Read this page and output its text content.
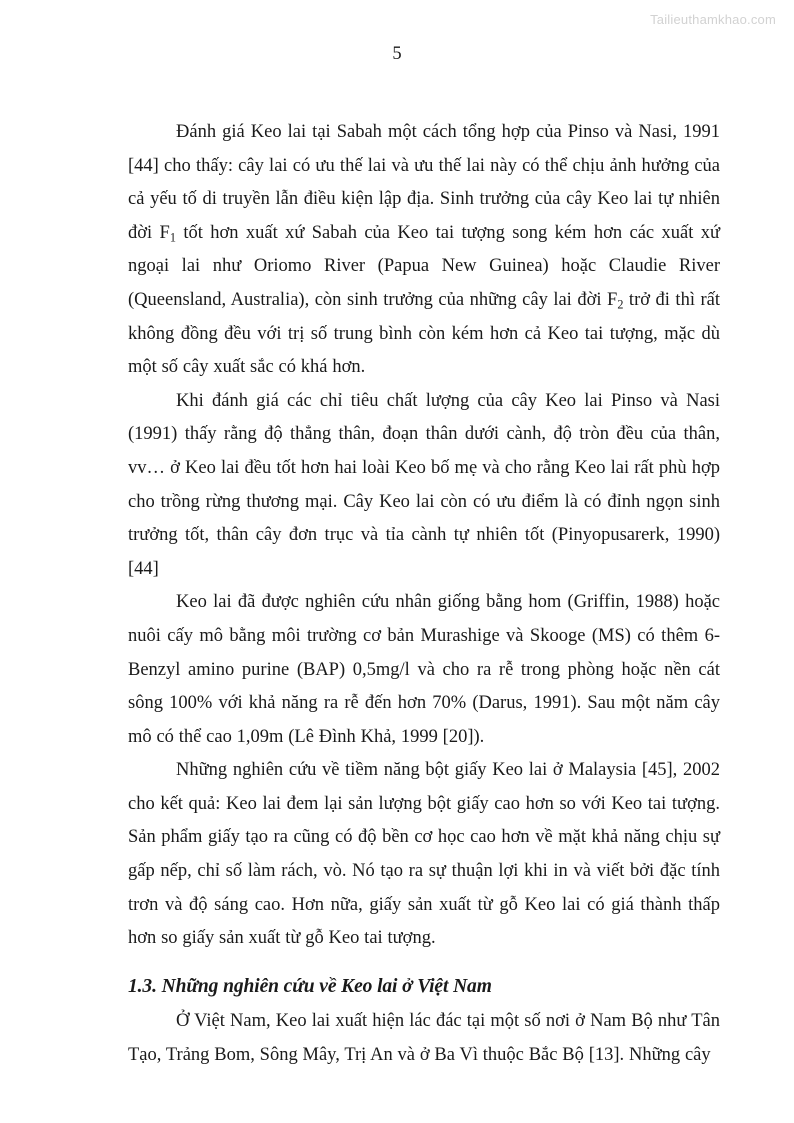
Tailieuthamkhao.com
5

Đánh giá Keo lai tại Sabah một cách tổng hợp của Pinso và Nasi, 1991 [44] cho thấy: cây lai có ưu thế lai và ưu thế lai này có thể chịu ảnh hưởng của cả yếu tố di truyền lẫn điều kiện lập địa. Sinh trưởng của cây Keo lai tự nhiên đời $F_1$ tốt hơn xuất xứ Sabah của Keo tai tượng song kém hơn các xuất xứ ngoại lai như Oriomo River (Papua New Guinea) hoặc Claudie River (Queensland, Australia), còn sinh trưởng của những cây lai đời $F_2$ trở đi thì rất không đồng đều với trị số trung bình còn kém hơn cả Keo tai tượng, mặc dù một số cây xuất sắc có khá hơn.

Khi đánh giá các chỉ tiêu chất lượng của cây Keo lai Pinso và Nasi (1991) thấy rằng độ thẳng thân, đoạn thân dưới cành, độ tròn đều của thân, vv… ở Keo lai đều tốt hơn hai loài Keo bố mẹ và cho rằng Keo lai rất phù hợp cho trồng rừng thương mại. Cây Keo lai còn có ưu điểm là có đỉnh ngọn sinh trưởng tốt, thân cây đơn trục và tỉa cành tự nhiên tốt (Pinyopusarerk, 1990) [44]

Keo lai đã được nghiên cứu nhân giống bằng hom (Griffin, 1988) hoặc nuôi cấy mô bằng môi trường cơ bản Murashige và Skooge (MS) có thêm 6-Benzyl amino purine (BAP) 0,5mg/l và cho ra rễ trong phòng hoặc nền cát sông 100% với khả năng ra rễ đến hơn 70% (Darus, 1991). Sau một năm cây mô có thể cao 1,09m (Lê Đình Khả, 1999 [20]).

Những nghiên cứu về tiềm năng bột giấy Keo lai ở Malaysia [45], 2002 cho kết quả: Keo lai đem lại sản lượng bột giấy cao hơn so với Keo tai tượng. Sản phẩm giấy tạo ra cũng có độ bền cơ học cao hơn về mặt khả năng chịu sự gấp nếp, chỉ số làm rách, vò. Nó tạo ra sự thuận lợi khi in và viết bởi đặc tính trơn và độ sáng cao. Hơn nữa, giấy sản xuất từ gỗ Keo lai có giá thành thấp hơn so giấy sản xuất từ gỗ Keo tai tượng.

1.3. Những nghiên cứu về Keo lai ở Việt Nam

Ở Việt Nam, Keo lai xuất hiện lác đác tại một số nơi ở Nam Bộ như Tân Tạo, Trảng Bom, Sông Mây, Trị An và ở Ba Vì thuộc Bắc Bộ [13]. Những cây
